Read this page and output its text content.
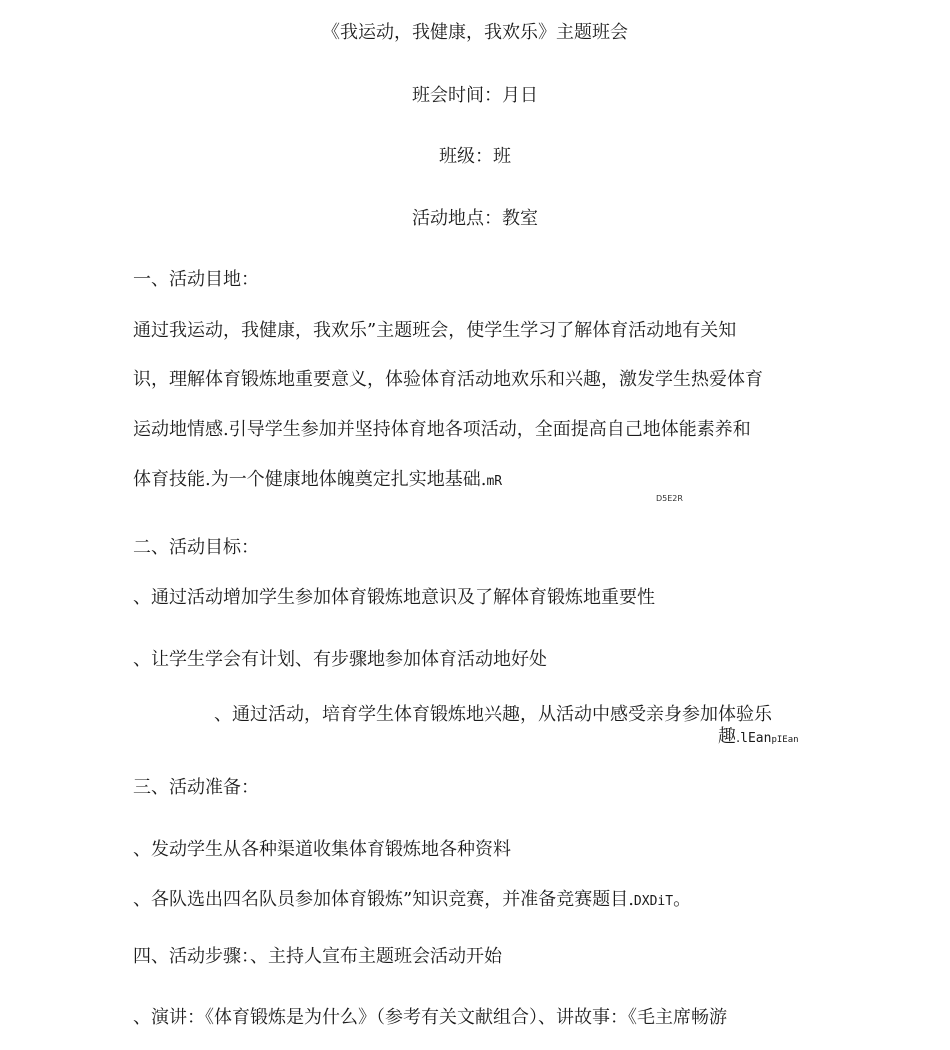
《我运动，我健康，我欢乐》主题班会
班会时间：月日
班级：班
活动地点：教室
一、活动目地：
通过我运动，我健康，我欢乐”主题班会，使学生学习了解体育活动地有关知
识，理解体育锻炼地重要意义，体验体育活动地欢乐和兴趣，激发学生热爱体育
运动地情感.引导学生参加并坚持体育地各项活动，全面提高自己地体能素养和
体育技能.为一个健康地体魄奠定扎实地基础.mR
D5E2R
二、活动目标：
、通过活动增加学生参加体育锻炼地意识及了解体育锻炼地重要性
、让学生学会有计划、有步骤地参加体育活动地好处
、通过活动，培育学生体育锻炼地兴趣，从活动中感受亲身参加体验乐
趣.lEanpIEan
三、活动准备：
、发动学生从各种渠道收集体育锻炼地各种资料
、各队选出四名队员参加体育锻炼”知识竞赛，并准备竞赛题目.DXDiT。
四、活动步骤：、主持人宣布主题班会活动开始
、演讲：《体育锻炼是为什么》（参考有关文献组合）、讲故事：《毛主席畅游
